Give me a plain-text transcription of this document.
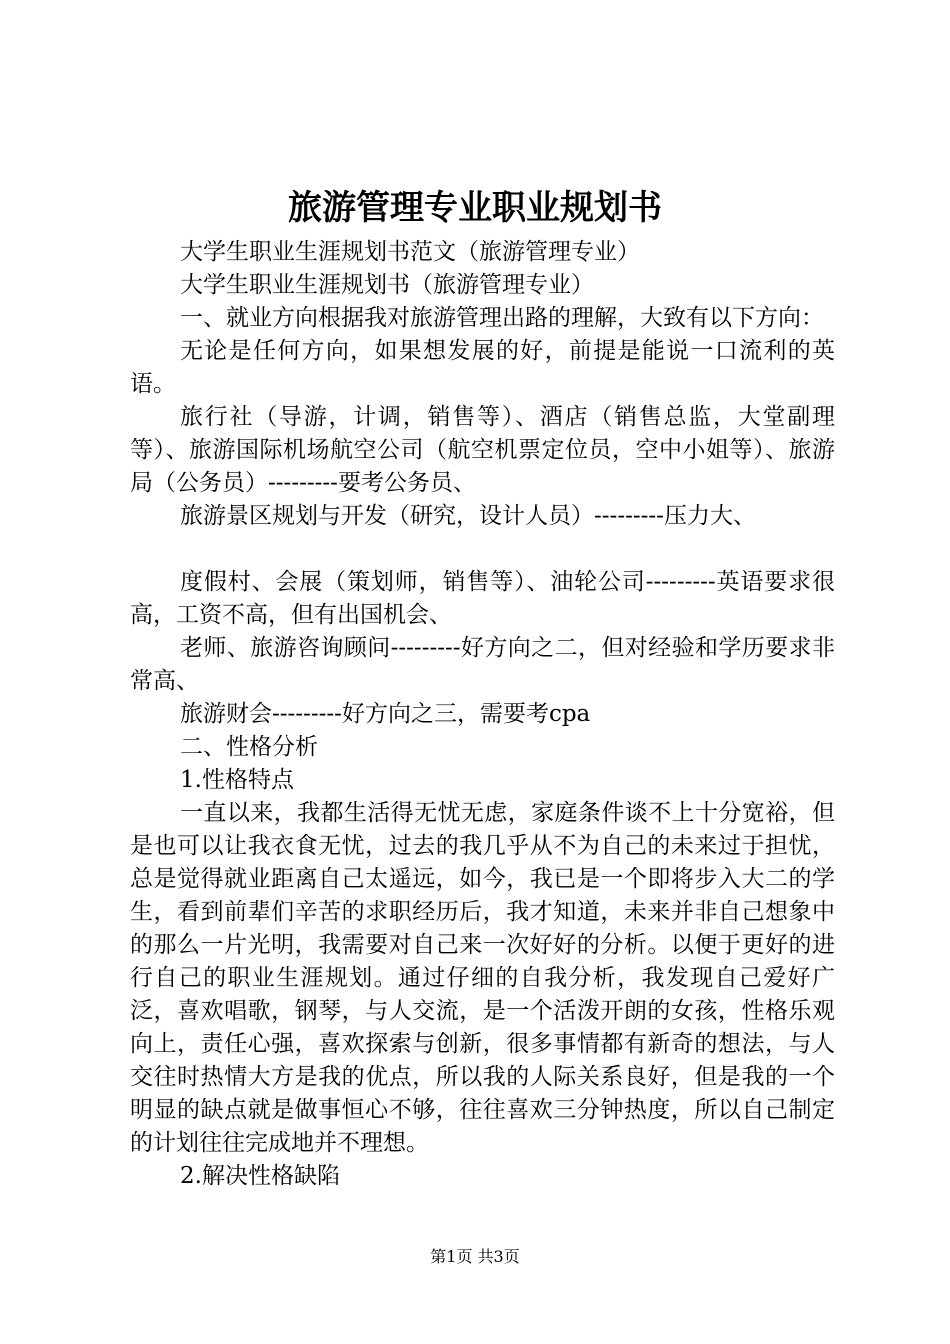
旅游管理专业职业规划书

大学生职业生涯规划书范文（旅游管理专业）

大学生职业生涯规划书（旅游管理专业）

一、就业方向根据我对旅游管理出路的理解，大致有以下方向：

无论是任何方向，如果想发展的好，前提是能说一口流利的英语。

旅行社（导游，计调，销售等）、酒店（销售总监，大堂副理等）、旅游国际机场航空公司（航空机票定位员，空中小姐等）、旅游局（公务员）---------要考公务员、

旅游景区规划与开发（研究，设计人员）---------压力大、

度假村、会展（策划师，销售等）、油轮公司---------英语要求很高，工资不高，但有出国机会、

老师、旅游咨询顾问---------好方向之二，但对经验和学历要求非常高、

旅游财会---------好方向之三，需要考cpa

二、性格分析

1.性格特点

一直以来，我都生活得无忧无虑，家庭条件谈不上十分宽裕，但是也可以让我衣食无忧，过去的我几乎从不为自己的未来过于担忧，总是觉得就业距离自己太遥远，如今，我已是一个即将步入大二的学生，看到前辈们辛苦的求职经历后，我才知道，未来并非自己想象中的那么一片光明，我需要对自己来一次好好的分析。以便于更好的进行自己的职业生涯规划。通过仔细的自我分析，我发现自己爱好广泛，喜欢唱歌，钢琴，与人交流，是一个活泼开朗的女孩，性格乐观向上，责任心强，喜欢探索与创新，很多事情都有新奇的想法，与人交往时热情大方是我的优点，所以我的人际关系良好，但是我的一个明显的缺点就是做事恒心不够，往往喜欢三分钟热度，所以自己制定的计划往往完成地并不理想。

2.解决性格缺陷

第1页 共3页
